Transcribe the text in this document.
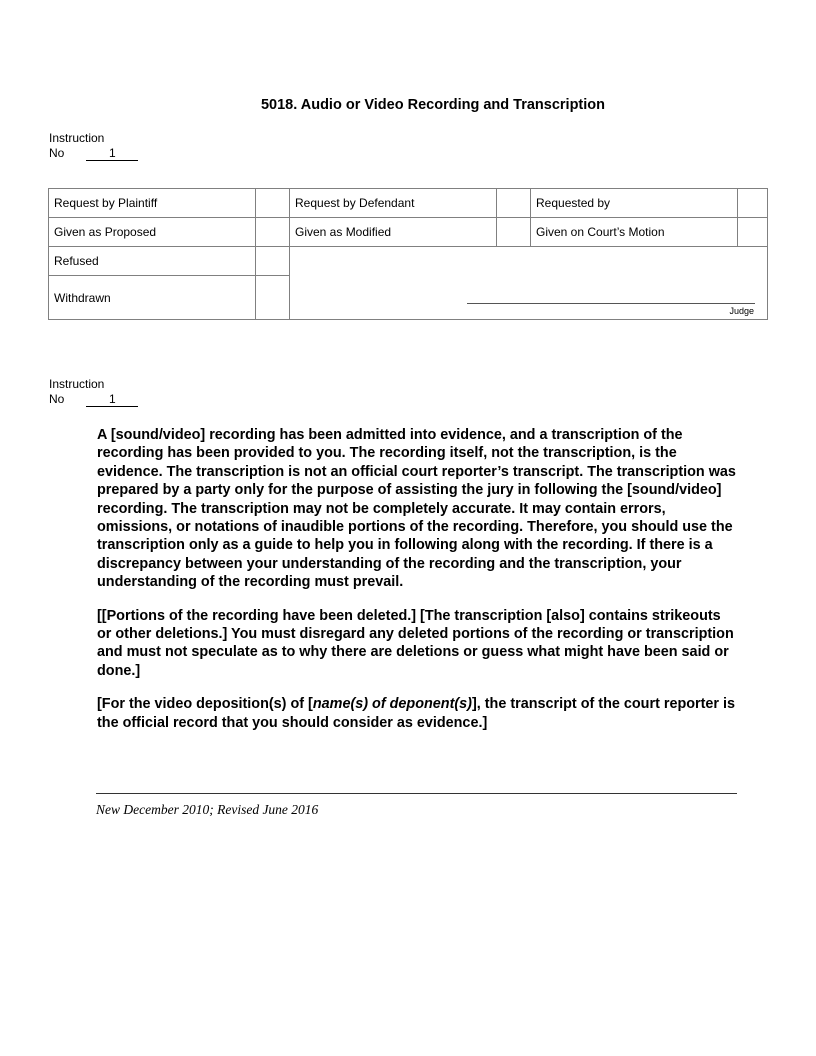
5018. Audio or Video Recording and Transcription
Instruction
No	1
Request by Plaintiff	Request by Defendant	Requested by
Given as Proposed	Given as Modified	Given on Court’s Motion
Refused
Withdrawn
Judge
Instruction
No	1

A [sound/video] recording has been admitted into evidence, and a transcription of the recording has been provided to you. The recording itself, not the transcription, is the evidence. The transcription is not an official court reporter’s transcript. The transcription was prepared by a party only for the purpose of assisting the jury in following the [sound/video] recording. The transcription may not be completely accurate. It may contain errors, omissions, or notations of inaudible portions of the recording. Therefore, you should use the transcription only as a guide to help you in following along with the recording. If there is a discrepancy between your understanding of the recording and the transcription, your understanding of the recording must prevail.

[[Portions of the recording have been deleted.] [The transcription [also] contains strikeouts or other deletions.] You must disregard any deleted portions of the recording or transcription and must not speculate as to why there are deletions or guess what might have been said or done.]

[For the video deposition(s) of [name(s) of deponent(s)], the transcript of the court reporter is the official record that you should consider as evidence.]

New December 2010; Revised June 2016
